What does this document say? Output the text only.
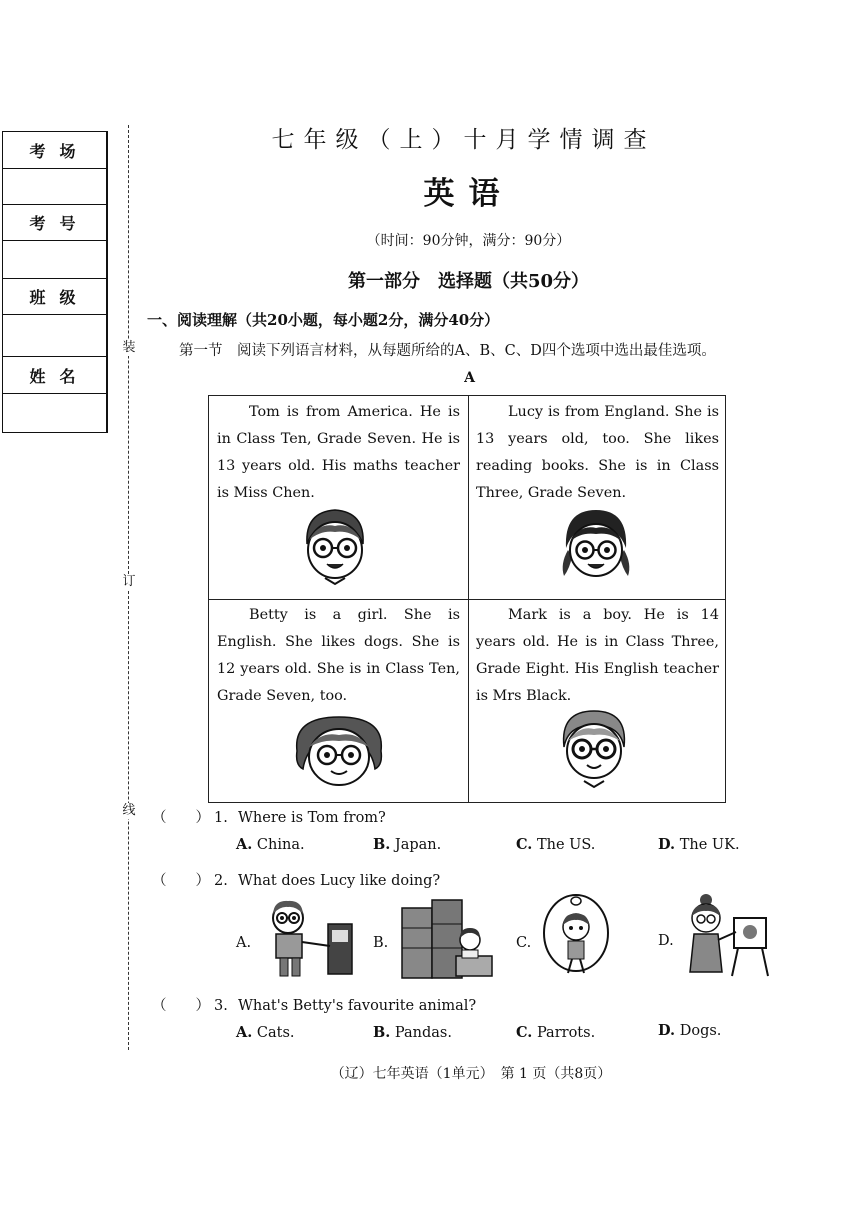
考场
考号
班级
姓名
装
订
线
七年级（上）十月学情调查
英语
（时间：90分钟，满分：90分）
第一部分　选择题（共50分）
一、阅读理解（共20小题，每小题2分，满分40分）
第一节　阅读下列语言材料，从每题所给的A、B、C、D四个选项中选出最佳选项。
A
Tom is from America. He is in Class Ten, Grade Seven. He is 13 years old. His maths teacher is Miss Chen.
Lucy is from England. She is 13 years old, too. She likes reading books. She is in Class Three, Grade Seven.
Betty is a girl. She is English. She likes dogs. She is 12 years old. She is in Class Ten, Grade Seven, too.
Mark is a boy. He is 14 years old. He is in Class Three, Grade Eight. His English teacher is Mrs Black.
（　　） 1. Where is Tom from?
A. China.	B. Japan.	C. The US.	D. The UK.
（　　） 2. What does Lucy like doing?
A.	B.	C.	D.
（　　） 3. What's Betty's favourite animal?
A. Cats.	B. Pandas.	C. Parrots.	D. Dogs.
（辽）七年英语（1单元）　第 1 页（共8页）
